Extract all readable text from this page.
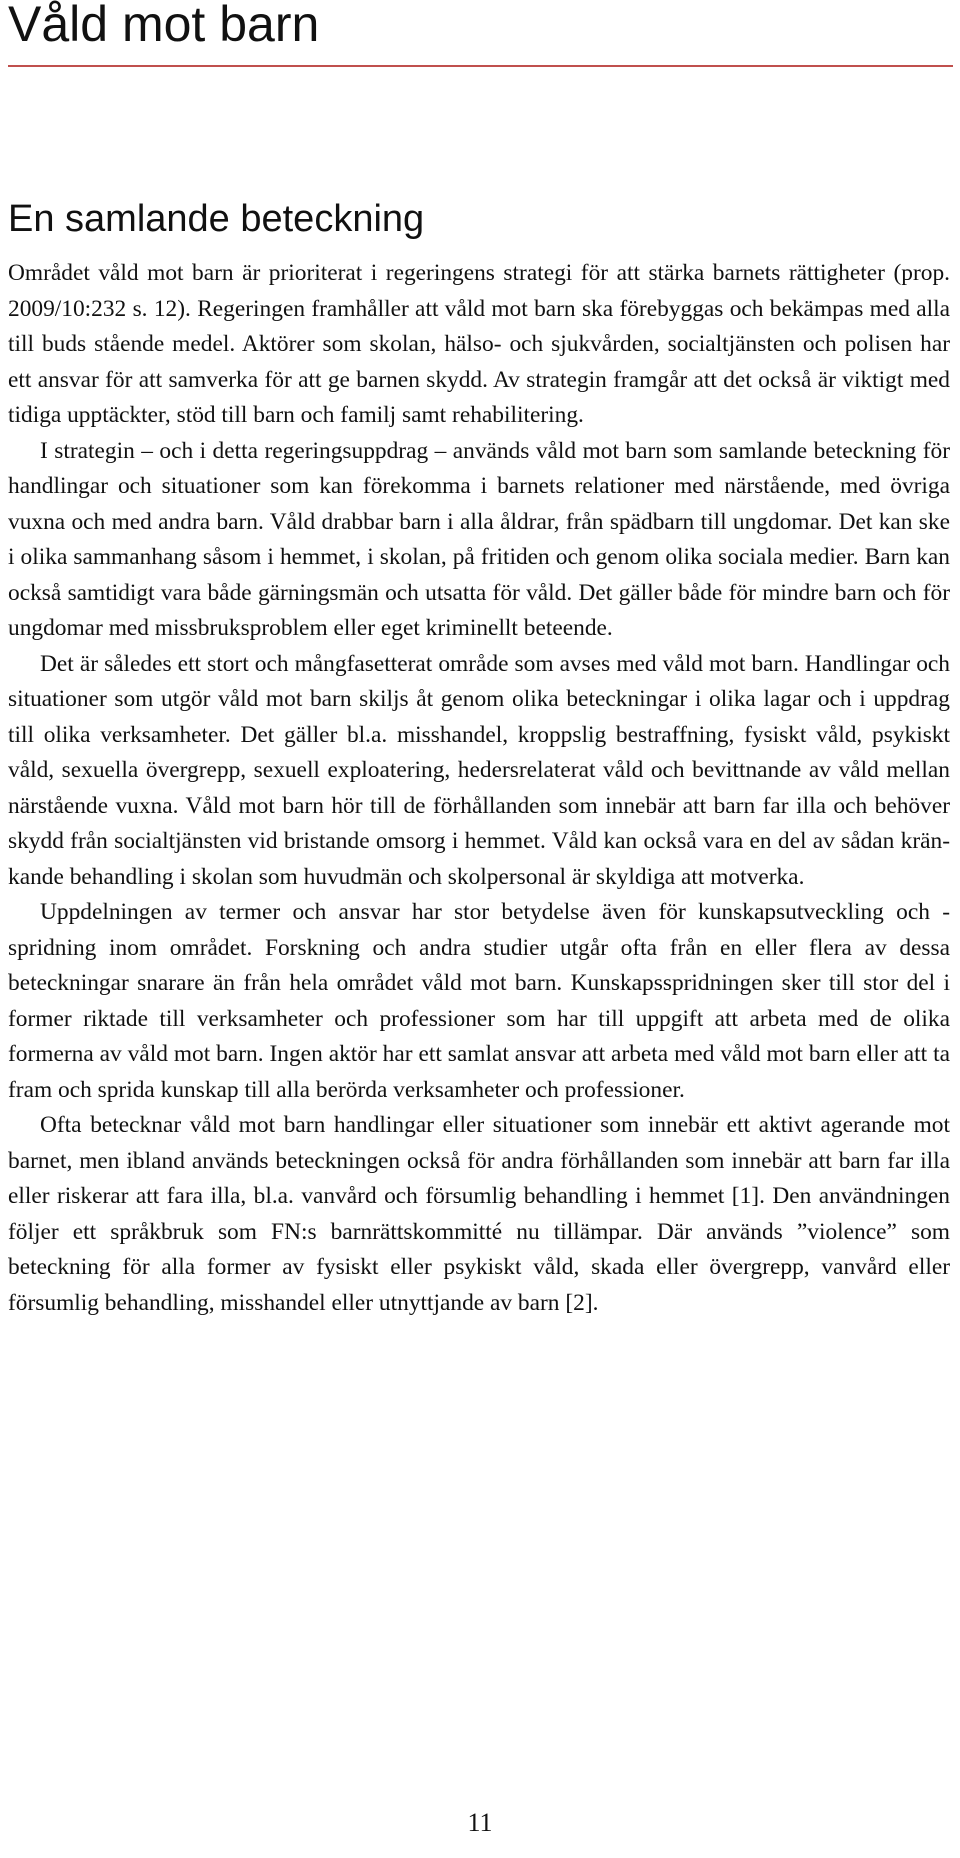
Våld mot barn
En samlande beteckning

Området våld mot barn är prioriterat i regeringens strategi för att stärka barnets rättigheter (prop. 2009/10:232 s. 12). Regeringen framhåller att våld mot barn ska förebyggas och bekämpas med alla till buds stående medel. Aktörer som skolan, hälso- och sjukvården, socialtjänsten och polisen har ett ansvar för att samverka för att ge barnen skydd. Av strategin framgår att det också är viktigt med tidiga upptäckter, stöd till barn och familj samt rehabilitering.

I strategin – och i detta regeringsuppdrag – används våld mot barn som samlande beteckning för handlingar och situationer som kan förekomma i barnets relationer med närstående, med övriga vuxna och med andra barn. Våld drabbar barn i alla åldrar, från spädbarn till ungdomar. Det kan ske i olika sammanhang såsom i hemmet, i skolan, på fritiden och genom olika sociala medier. Barn kan också samtidigt vara både gärningsmän och utsatta för våld. Det gäller både för mindre barn och för ungdomar med missbruksproblem eller eget kriminellt beteende.

Det är således ett stort och mångfasetterat område som avses med våld mot barn. Handlingar och situationer som utgör våld mot barn skiljs åt genom olika beteckningar i olika lagar och i uppdrag till olika verksamheter. Det gäller bl.a. misshandel, kroppslig bestraffning, fysiskt våld, psykiskt våld, sexuella övergrepp, sexuell exploatering, hedersrelaterat våld och bevittnande av våld mellan närstående vuxna. Våld mot barn hör till de förhållanden som innebär att barn far illa och behöver skydd från socialtjänsten vid bristande omsorg i hemmet. Våld kan också vara en del av sådan kränkande behandling i skolan som huvudmän och skolpersonal är skyldiga att motverka.

Uppdelningen av termer och ansvar har stor betydelse även för kunskapsutveckling och -spridning inom området. Forskning och andra studier utgår ofta från en eller flera av dessa beteckningar snarare än från hela området våld mot barn. Kunskapsspridningen sker till stor del i former riktade till verksamheter och professioner som har till uppgift att arbeta med de olika formerna av våld mot barn. Ingen aktör har ett samlat ansvar att arbeta med våld mot barn eller att ta fram och sprida kunskap till alla berörda verksamheter och professioner.

Ofta betecknar våld mot barn handlingar eller situationer som innebär ett aktivt agerande mot barnet, men ibland används beteckningen också för andra förhållanden som innebär att barn far illa eller riskerar att fara illa, bl.a. vanvård och försumlig behandling i hemmet [1]. Den användningen följer ett språkbruk som FN:s barnrättskommitté nu tillämpar. Där används ”violence” som beteckning för alla former av fysiskt eller psykiskt våld, skada eller övergrepp, vanvård eller försumlig behandling, misshandel eller utnyttjande av barn [2].

11
